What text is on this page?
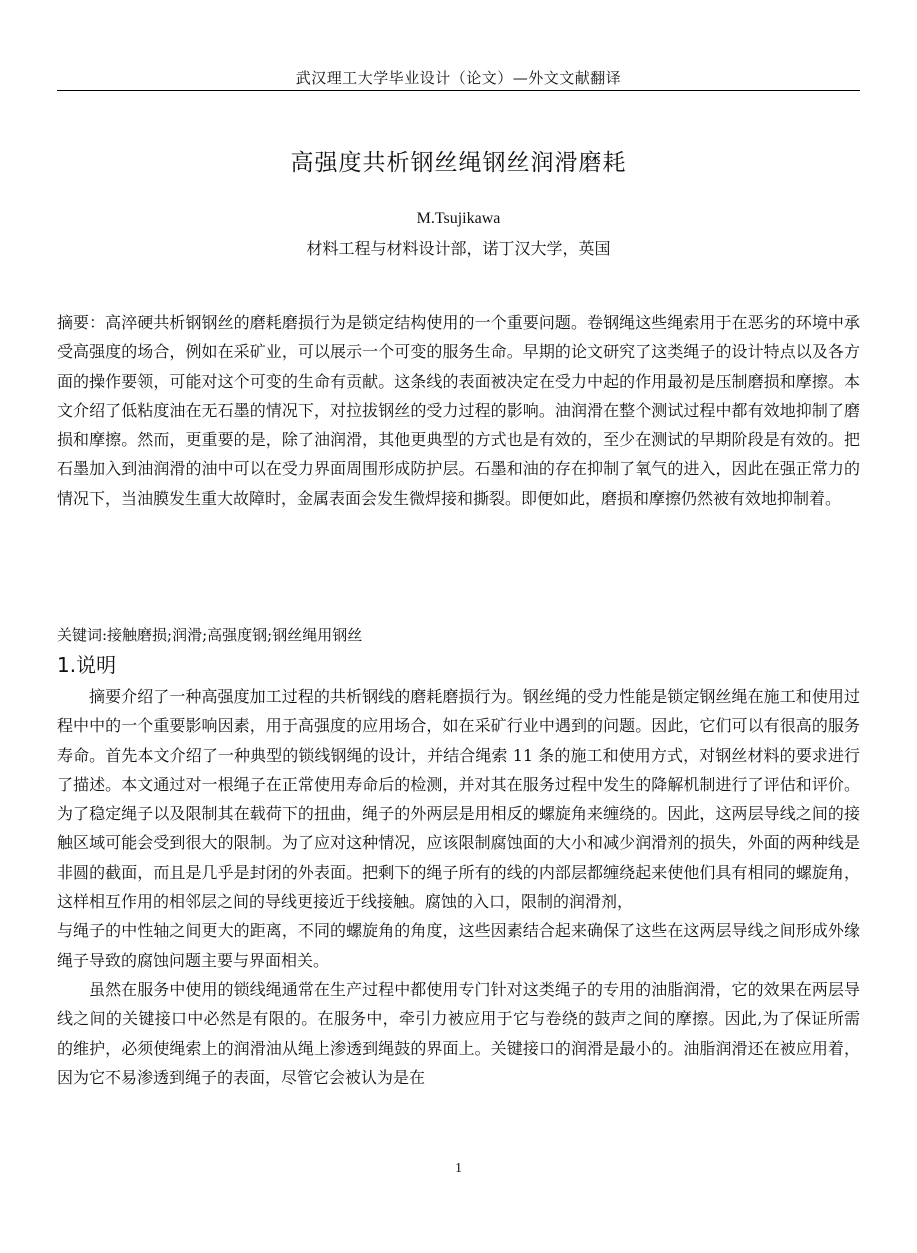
武汉理工大学毕业设计（论文）—外文文献翻译
高强度共析钢丝绳钢丝润滑磨耗
M.Tsujikawa
材料工程与材料设计部，诺丁汉大学，英国
摘要：高淬硬共析钢钢丝的磨耗磨损行为是锁定结构使用的一个重要问题。卷钢绳这些绳索用于在恶劣的环境中承受高强度的场合，例如在采矿业，可以展示一个可变的服务生命。早期的论文研究了这类绳子的设计特点以及各方面的操作要领，可能对这个可变的生命有贡献。这条线的表面被决定在受力中起的作用最初是压制磨损和摩擦。本文介绍了低粘度油在无石墨的情况下，对拉拔钢丝的受力过程的影响。油润滑在整个测试过程中都有效地抑制了磨损和摩擦。然而，更重要的是，除了油润滑，其他更典型的方式也是有效的，至少在测试的早期阶段是有效的。把石墨加入到油润滑的油中可以在受力界面周围形成防护层。石墨和油的存在抑制了氧气的进入，因此在强正常力的情况下，当油膜发生重大故障时，金属表面会发生微焊接和撕裂。即便如此，磨损和摩擦仍然被有效地抑制着。
关键词:接触磨损;润滑;高强度钢;钢丝绳用钢丝
1.说明
摘要介绍了一种高强度加工过程的共析钢线的磨耗磨损行为。钢丝绳的受力性能是锁定钢丝绳在施工和使用过程中中的一个重要影响因素，用于高强度的应用场合，如在采矿行业中遇到的问题。因此，它们可以有很高的服务寿命。首先本文介绍了一种典型的锁线钢绳的设计，并结合绳索 11 条的施工和使用方式，对钢丝材料的要求进行了描述。本文通过对一根绳子在正常使用寿命后的检测，并对其在服务过程中发生的降解机制进行了评估和评价。为了稳定绳子以及限制其在载荷下的扭曲，绳子的外两层是用相反的螺旋角来缠绕的。因此，这两层导线之间的接触区域可能会受到很大的限制。为了应对这种情况，应该限制腐蚀面的大小和减少润滑剂的损失，外面的两种线是非圆的截面，而且是几乎是封闭的外表面。把剩下的绳子所有的线的内部层都缠绕起来使他们具有相同的螺旋角，这样相互作用的相邻层之间的导线更接近于线接触。腐蚀的入口，限制的润滑剂，
与绳子的中性轴之间更大的距离，不同的螺旋角的角度，这些因素结合起来确保了这些在这两层导线之间形成外缘绳子导致的腐蚀问题主要与界面相关。
虽然在服务中使用的锁线绳通常在生产过程中都使用专门针对这类绳子的专用的油脂润滑，它的效果在两层导线之间的关键接口中必然是有限的。在服务中，牵引力被应用于它与卷绕的鼓声之间的摩擦。因此,为了保证所需的维护，必须使绳索上的润滑油从绳上渗透到绳鼓的界面上。关键接口的润滑是最小的。油脂润滑还在被应用着，因为它不易渗透到绳子的表面，尽管它会被认为是在
1
